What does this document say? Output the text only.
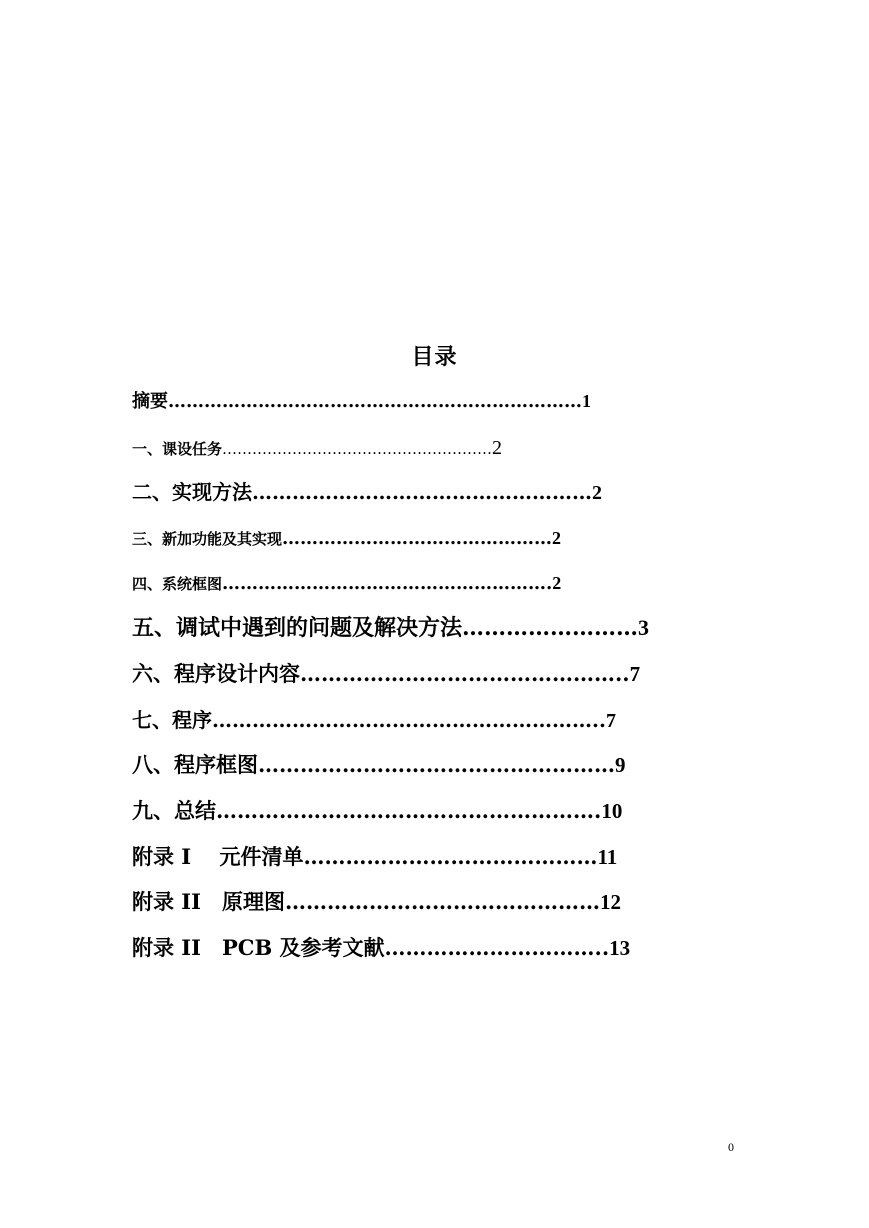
目录
摘要……………………………………………………………1
一、课设任务………………………………………………2
二、实现方法……………………………………………2
三、新加功能及其实现………………………………………2
四、系统框图……………………………………………….2
五、调试中遇到的问题及解决方法……………………3
六、程序设计内容………………………………………..7
七、程序…………………………………………………..7
八、程序框图……………………………………………9
九、总结……………………………………………….10
附录 I　 元件清单……………………………………11
附录 II　原理图………………………………………12
附录 II　PCB 及参考文献…………………………..13
0
